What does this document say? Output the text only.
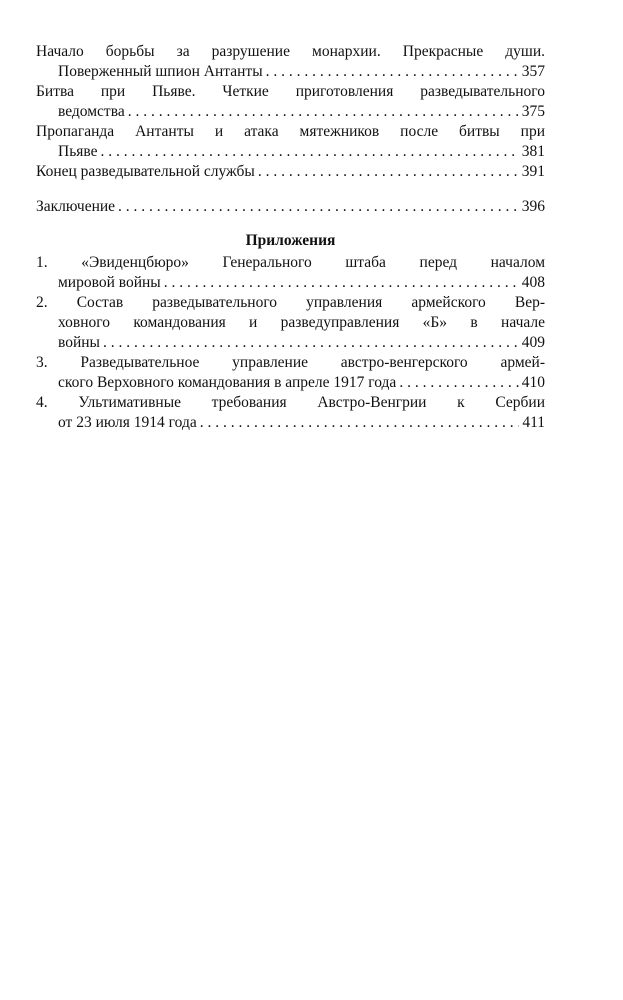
Начало борьбы за разрушение монархии. Прекрасные души.
Поверженный шпион Антанты . . .	357
Битва при Пьяве. Четкие приготовления разведывательного
ведомства . . .	375
Пропаганда Антанты и атака мятежников после битвы при
Пьяве . . .	381
Конец разведывательной службы . . .	391
Заключение . . .	396
Приложения
1. «Эвиденцбюро» Генерального штаба перед началом
мировой войны . . .	408
2. Состав разведывательного управления армейского Вер-
ховного командования и разведуправления «Б» в начале
войны . . .	409
3. Разведывательное управление австро-венгерского армей-
ского Верховного командования в апреле 1917 года . . .	410
4. Ультимативные требования Австро-Венгрии к Сербии
от 23 июля 1914 года . . .	411
